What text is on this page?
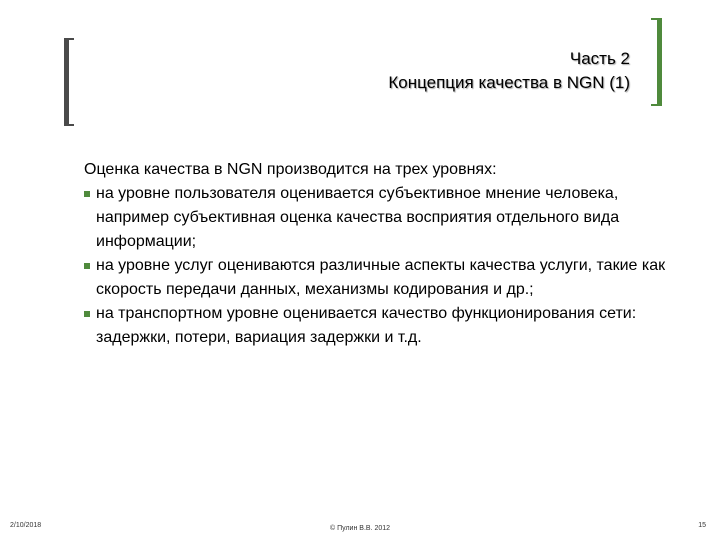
Часть 2
Концепция качества в NGN (1)
Оценка качества в NGN производится на трех уровнях:
на уровне пользователя оценивается субъективное мнение человека, например субъективная оценка качества восприятия отдельного вида информации;
на уровне услуг оцениваются различные аспекты качества услуги, такие как скорость передачи данных, механизмы кодирования и др.;
на транспортном уровне оценивается качество функционирования сети: задержки, потери, вариация задержки и т.д.
2/10/2018	© Пулин В.В. 2012	15
